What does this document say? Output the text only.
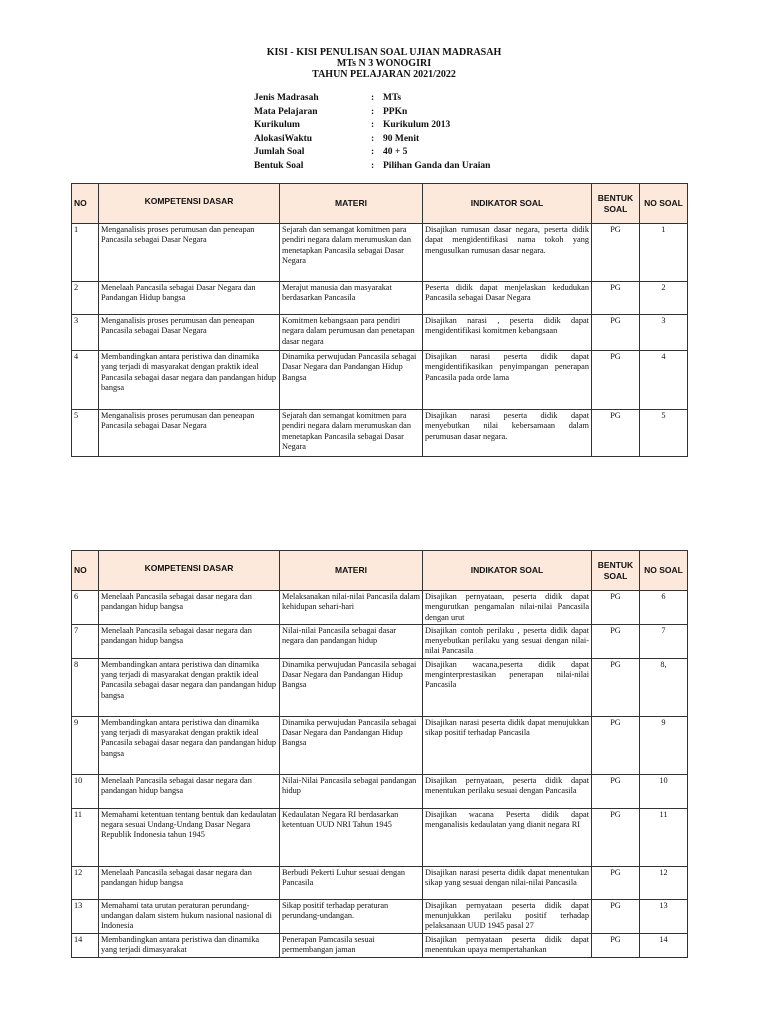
KISI - KISI PENULISAN SOAL UJIAN MADRASAH
MTs N 3 WONOGIRI
TAHUN PELAJARAN 2021/2022
Jenis Madrasah	: MTs
Mata Pelajaran	: PPKn
Kurikulum	: Kurikulum 2013
AlokasiWaktu	: 90 Menit
Jumlah Soal	: 40 + 5
Bentuk Soal	: Pilihan Ganda dan Uraian
NO	KOMPETENSI DASAR	MATERI	INDIKATOR SOAL	BENTUK SOAL	NO SOAL
1	Menganalisis proses perumusan dan peneapan Pancasila sebagai Dasar Negara	Sejarah dan semangat komitmen para pendiri negara dalam merumuskan dan menetapkan Pancasila sebagai Dasar Negara	Disajikan rumusan dasar negara, peserta didik dapat mengidentifikasi nama tokoh yang mengusulkan rumusan dasar negara.	PG	1
2	Menelaah Pancasila sebagai Dasar Negara dan Pandangan Hidup bangsa	Merajut manusia dan masyarakat berdasarkan Pancasila	Peserta didik dapat menjelaskan kedudukan Pancasila sebagai Dasar Negara	PG	2
3	Menganalisis proses perumusan dan peneapan Pancasila sebagai Dasar Negara	Komitmen kebangsaan para pendiri negara dalam perumusan dan penetapan dasar negara	Disajikan narasi , peserta didik dapat mengidentifikasi komitmen kebangsaan	PG	3
4	Membandingkan antara peristiwa dan dinamika yang terjadi di masyarakat dengan praktik ideal Pancasila sebagai dasar negara dan pandangan hidup bangsa	Dinamika perwujudan Pancasila sebagai Dasar Negara dan Pandangan Hidup Bangsa	Disajikan narasi peserta didik dapat mengidentifikasikan penyimpangan penerapan Pancasila pada orde lama	PG	4
5	Menganalisis proses perumusan dan peneapan Pancasila sebagai Dasar Negara	Sejarah dan semangat komitmen para pendiri negara dalam merumuskan dan menetapkan Pancasila sebagai Dasar Negara	Disajikan narasi peserta didik dapat menyebutkan nilai kebersamaan dalam perumusan dasar negara.	PG	5
NO	KOMPETENSI DASAR	MATERI	INDIKATOR SOAL	BENTUK SOAL	NO SOAL
6	Menelaah Pancasila sebagai dasar negara dan pandangan hidup bangsa	Melaksanakan nilai-nilai Pancasila dalam kehidupan sehari-hari	Disajikan pernyataan, peserta didik dapat mengurutkan pengamalan nilai-nilai Pancasila dengan urut	PG	6
7	Menelaah Pancasila sebagai dasar negara dan pandangan hidup bangsa	Nilai-nilai Pancasila sebagai dasar negara dan pandangan hidup	Disajikan contoh perilaku , peserta didik dapat menyebutkan perilaku yang sesuai dengan nilai-nilai Pancasila	PG	7
8	Membandingkan antara peristiwa dan dinamika yang terjadi di masyarakat dengan praktik ideal Pancasila sebagai dasar negara dan pandangan hidup bangsa	Dinamika perwujudan Pancasila sebagai Dasar Negara dan Pandangan Hidup Bangsa	Disajikan wacana,peserta didik dapat menginterprestasikan penerapan nilai-nilai Pancasila	PG	8,
9	Membandingkan antara peristiwa dan dinamika yang terjadi di masyarakat dengan praktik ideal Pancasila sebagai dasar negara dan pandangan hidup bangsa	Dinamika perwujudan Pancasila sebagai Dasar Negara dan Pandangan Hidup Bangsa	Disajikan narasi peserta didik dapat menujukkan sikap positif terhadap Pancasila	PG	9
10	Menelaah Pancasila sebagai dasar negara dan pandangan hidup bangsa	Nilai-Nilai Pancasila sebagai pandangan hidup	Disajikan pernyataan, peserta didik dapat menentukan perilaku sesuai dengan Pancasila	PG	10
11	Memahami ketentuan tentang bentuk dan kedaulatan negara sesuai Undang-Undang Dasar Negara Republik Indonesia tahun 1945	Kedaulatan Negara RI berdasarkan ketentuan UUD NRI Tahun 1945	Disajikan wacana Peserta didik dapat menganalisis kedaulatan yang dianit negara RI	PG	11
12	Menelaah Pancasila sebagai dasar negara dan pandangan hidup bangsa	Berbudi Pekerti Luhur sesuai dengan Pancasila	Disajikan narasi peserta didik dapat menentukan sikap yang sesuai dengan nilai-nilai Pancasila	PG	12
13	Memahami tata urutan peraturan perundang-undangan dalam sistem hukum nasional nasional di Indonesia	Sikap positif terhadap peraturan perundang-undangan.	Disajikan pernyataan peserta didik dapat menunjukkan perilaku positif terhadap pelaksanaan UUD 1945 pasal 27	PG	13
14	Membandingkan antara peristiwa dan dinamika yang terjadi dimasyarakat	Penerapan Pamcasila sesuai permembangan jaman	Disajikan pernyataan peserta didik dapat menentukan upaya mempertahankan	PG	14
